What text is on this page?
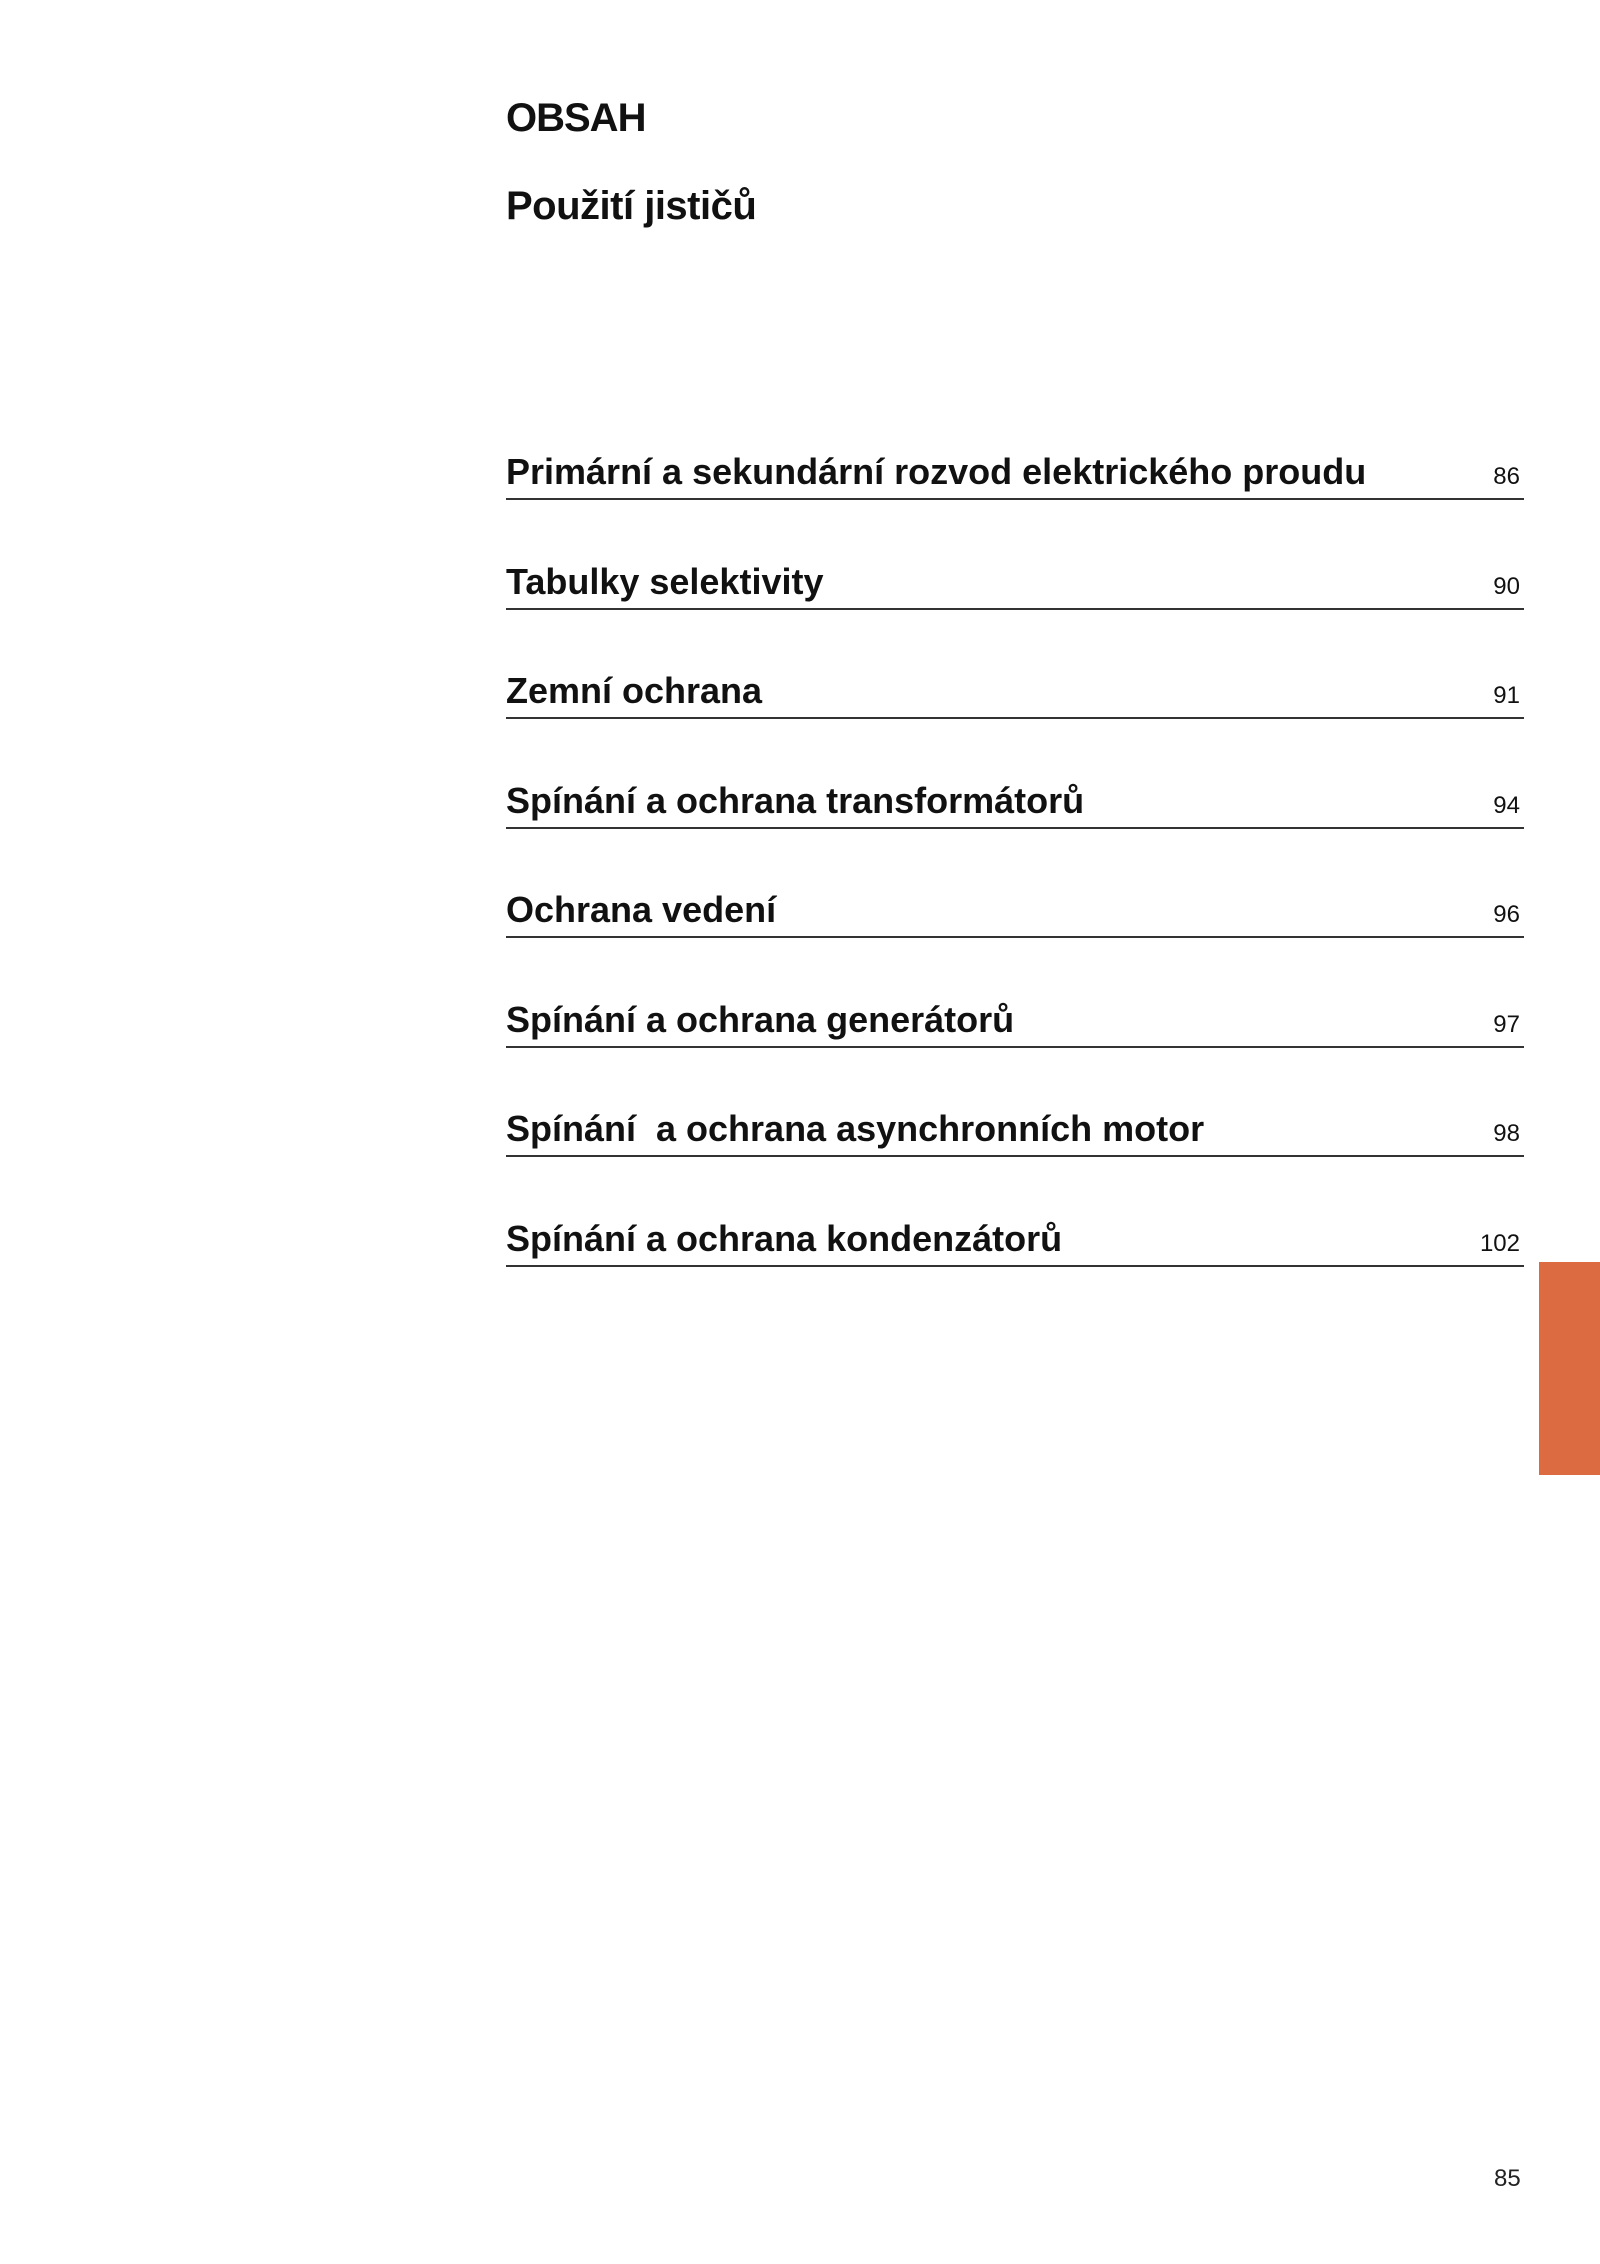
OBSAH
Použití jističů
Primární a sekundární rozvod elektrického proudu	86
Tabulky selektivity	90
Zemní ochrana	91
Spínání a ochrana transformátorů	94
Ochrana vedení	96
Spínání a ochrana generátorů	97
Spínání  a ochrana asynchronních motor	98
Spínání a ochrana kondenzátorů	102
85
